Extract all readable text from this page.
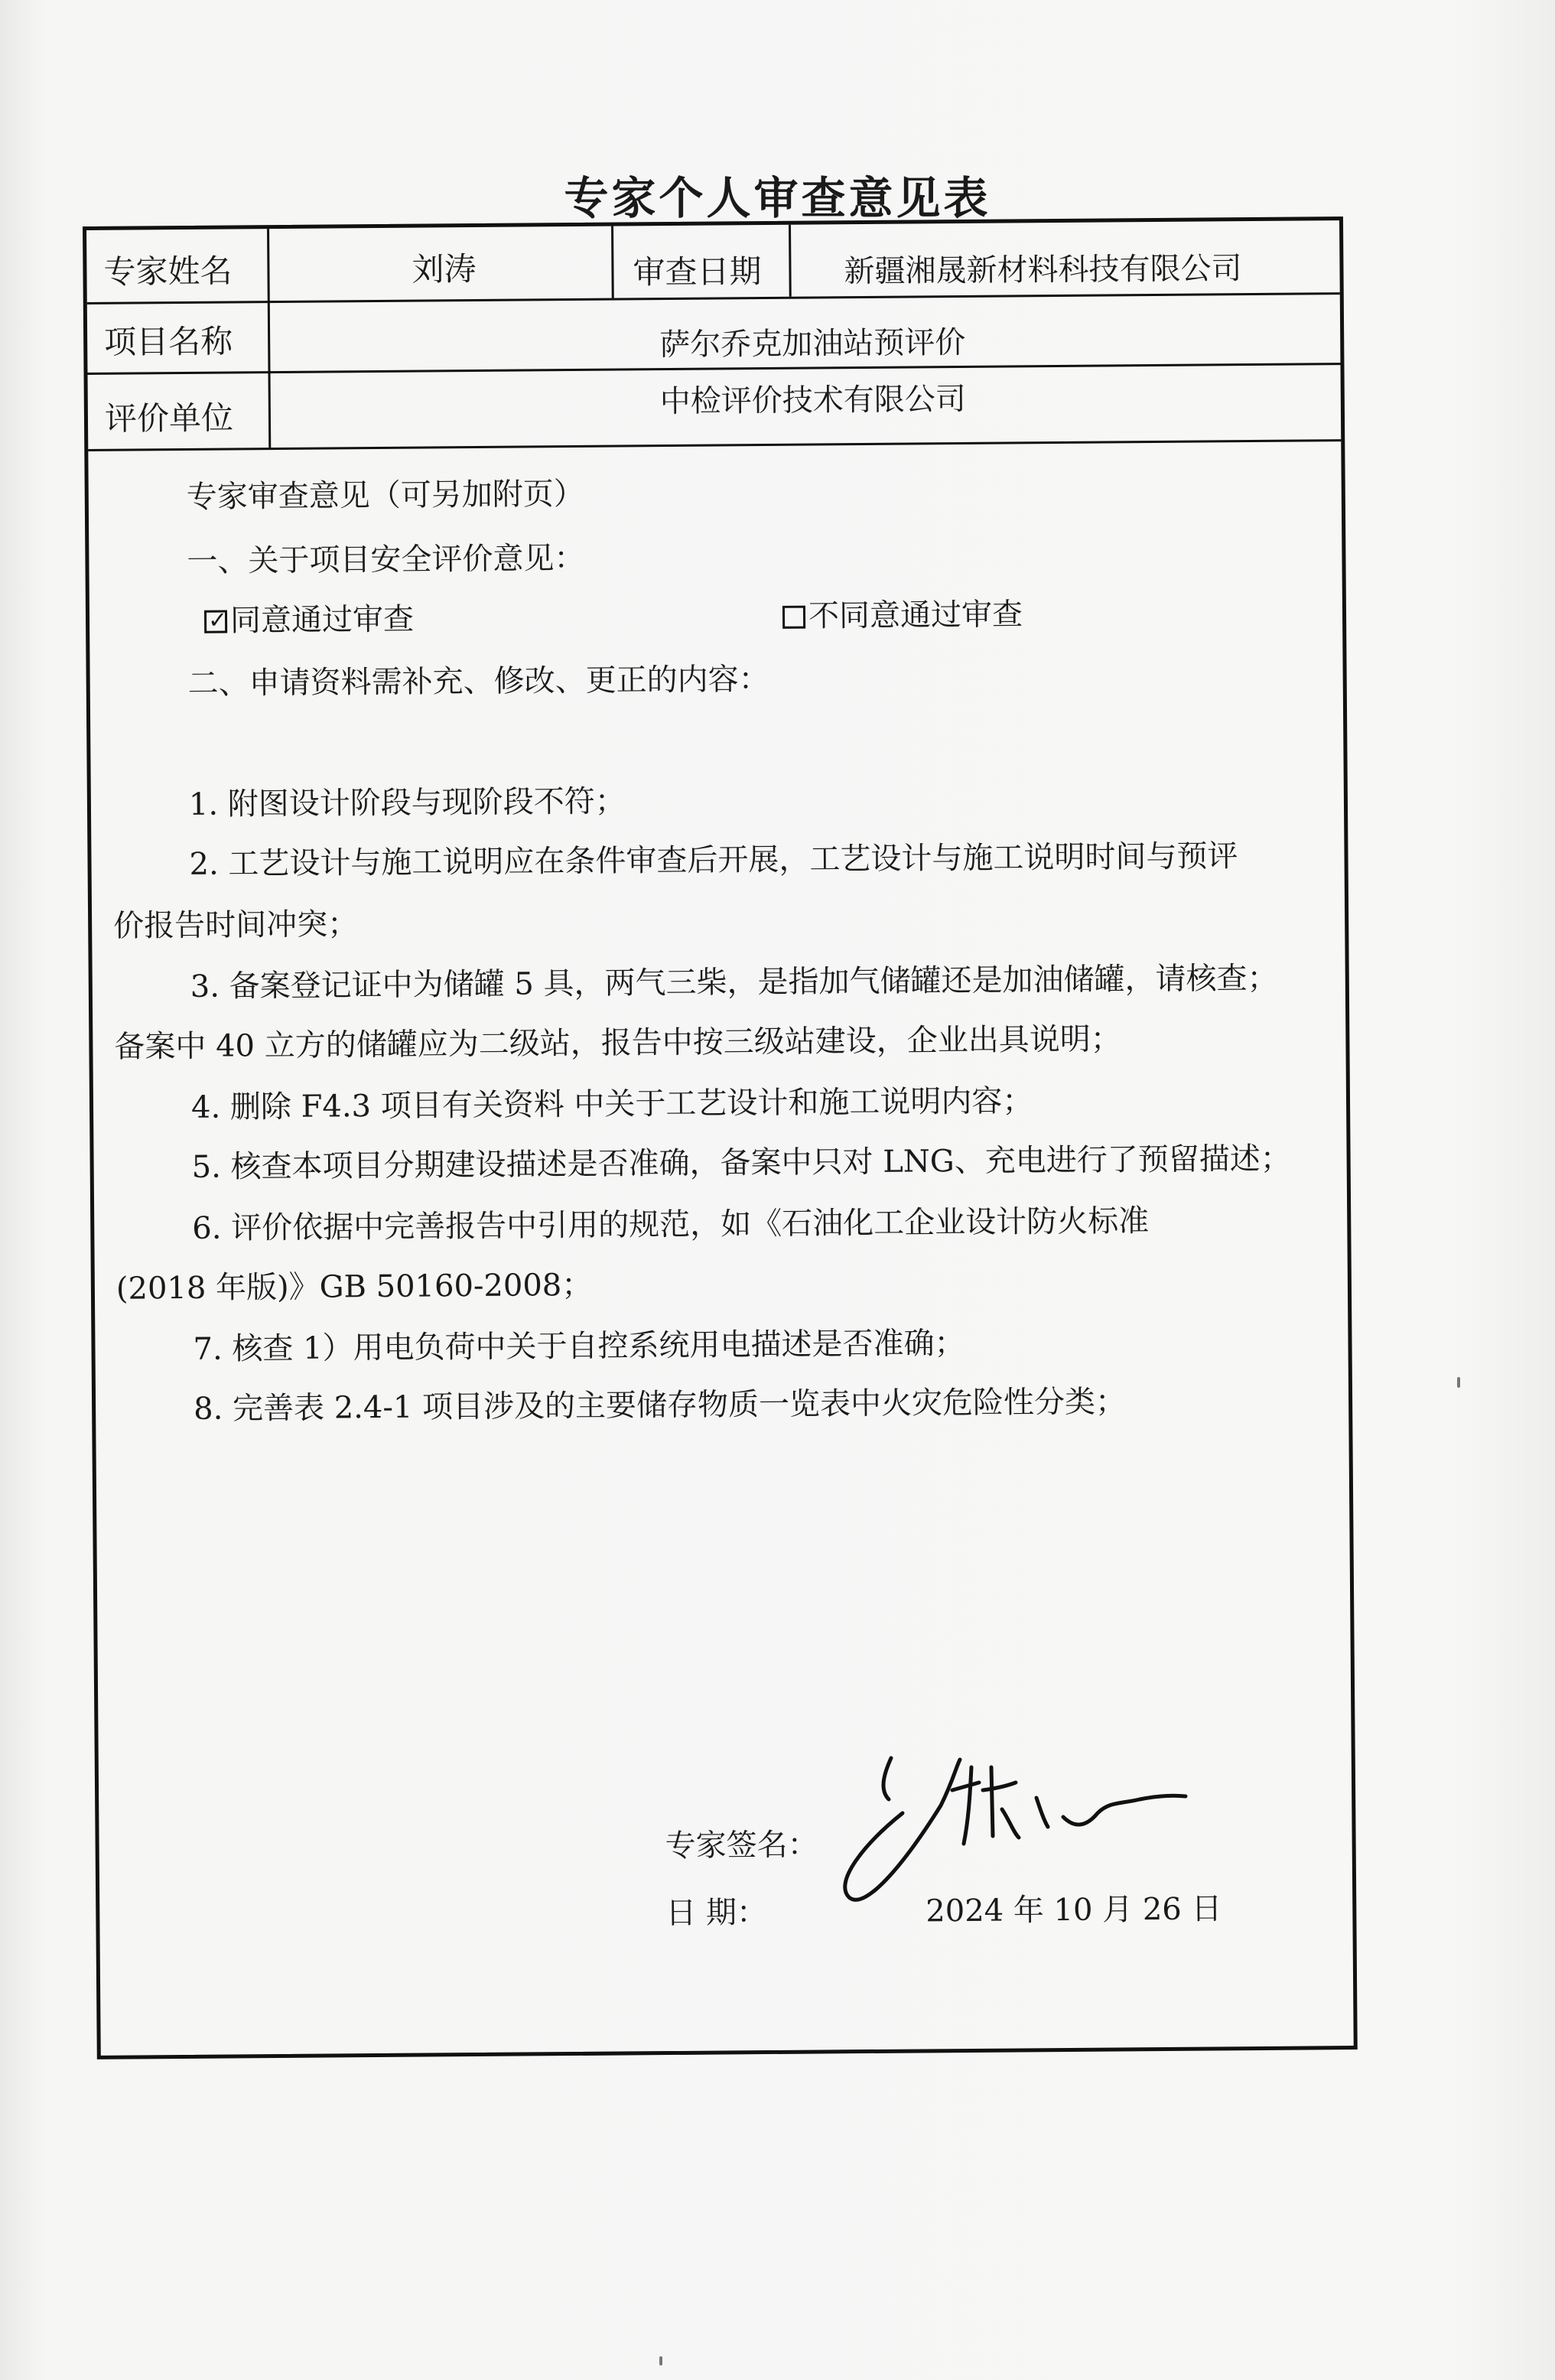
专家个人审查意见表
专家姓名	刘涛	审查日期	新疆湘晟新材料科技有限公司
项目名称	萨尔乔克加油站预评价
评价单位	中检评价技术有限公司
专家审查意见（可另加附页）
一、关于项目安全评价意见：
✓ 同意通过审查	不同意通过审查
二、申请资料需补充、修改、更正的内容：
1. 附图设计阶段与现阶段不符；
2. 工艺设计与施工说明应在条件审查后开展，工艺设计与施工说明时间与预评
价报告时间冲突；
3. 备案登记证中为储罐 5 具，两气三柴，是指加气储罐还是加油储罐，请核查；
备案中 40 立方的储罐应为二级站，报告中按三级站建设，企业出具说明；
4. 删除 F4.3 项目有关资料 中关于工艺设计和施工说明内容；
5. 核查本项目分期建设描述是否准确，备案中只对 LNG、充电进行了预留描述；
6. 评价依据中完善报告中引用的规范，如《石油化工企业设计防火标准
(2018 年版)》GB 50160-2008；
7. 核查 1）用电负荷中关于自控系统用电描述是否准确；
8. 完善表 2.4-1 项目涉及的主要储存物质一览表中火灾危险性分类；
专家签名：
日 期：	2024 年 10 月 26 日
